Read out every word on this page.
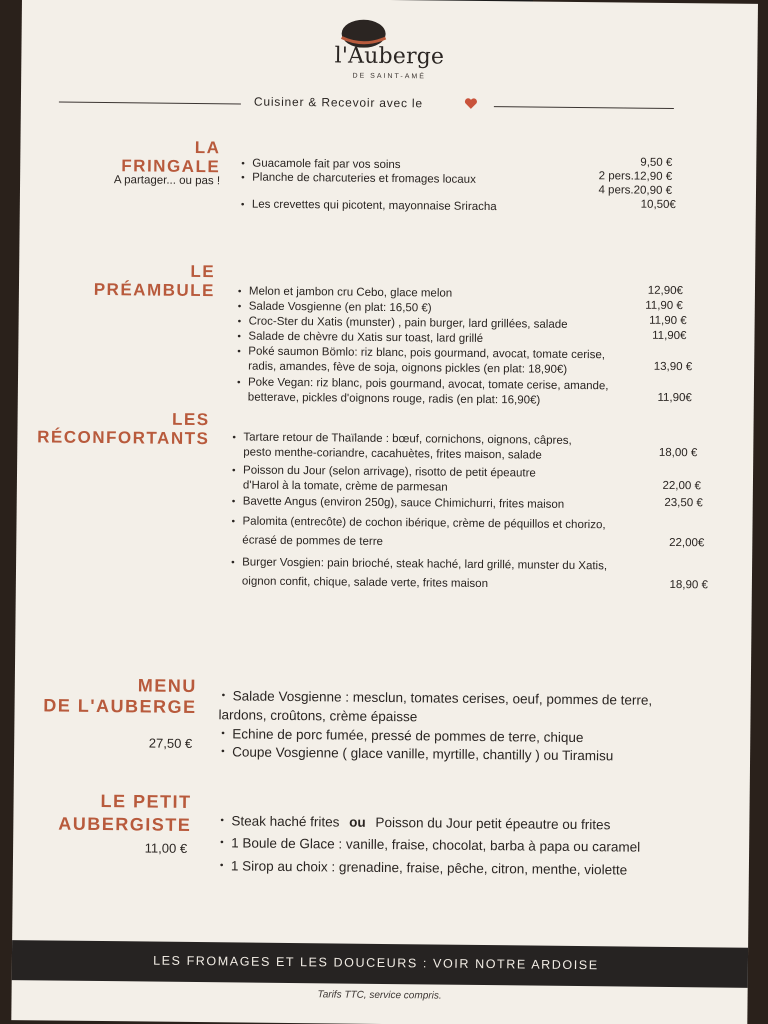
l'Auberge
DE SAINT-AMÉ
Cuisiner & Recevoir avec le
LA
FRINGALE
A partager... ou pas !
• Guacamole fait par vos soins	9,50 €
• Planche de charcuteries et fromages locaux	2 pers.12,90 €
4 pers.20,90 €
• Les crevettes qui picotent, mayonnaise Sriracha	10,50€
LE
PRÉAMBULE • Melon et jambon cru Cebo, glace melon	12,90€
• Salade Vosgienne (en plat: 16,50 €)	11,90 €
• Croc-Ster du Xatis (munster) , pain burger, lard grillées, salade	11,90 €
• Salade de chèvre du Xatis sur toast, lard grillé	11,90€
• Poké saumon Bömlo: riz blanc, pois gourmand, avocat, tomate cerise,
radis, amandes, fève de soja, oignons pickles (en plat: 18,90€)	13,90 €
• Poke Vegan: riz blanc, pois gourmand, avocat, tomate cerise, amande,
betterave, pickles d'oignons rouge, radis (en plat: 16,90€)	11,90€
LES
RÉCONFORTANTS • Tartare retour de Thaïlande : bœuf, cornichons, oignons, câpres,
pesto menthe-coriandre, cacahuètes, frites maison, salade	18,00 €
• Poisson du Jour (selon arrivage), risotto de petit épeautre
d'Harol à la tomate, crème de parmesan	22,00 €
• Bavette Angus (environ 250g), sauce Chimichurri, frites maison	23,50 €
• Palomita (entrecôte) de cochon ibérique, crème de péquillos et chorizo,
écrasé de pommes de terre	22,00€
• Burger Vosgien: pain brioché, steak haché, lard grillé, munster du Xatis,
oignon confit, chique, salade verte, frites maison	18,90 €
MENU
DE L'AUBERGE
27,50 €
• Salade Vosgienne : mesclun, tomates cerises, oeuf, pommes de terre,
lardons, croûtons, crème épaisse
• Echine de porc fumée, pressé de pommes de terre, chique
• Coupe Vosgienne ( glace vanille, myrtille, chantilly ) ou Tiramisu
LE PETIT
AUBERGISTE
11,00 €
• Steak haché frites ou Poisson du Jour petit épeautre ou frites
• 1 Boule de Glace : vanille, fraise, chocolat, barba à papa ou caramel
• 1 Sirop au choix : grenadine, fraise, pêche, citron, menthe, violette
LES FROMAGES ET LES DOUCEURS : VOIR NOTRE ARDOISE
Tarifs TTC, service compris.
